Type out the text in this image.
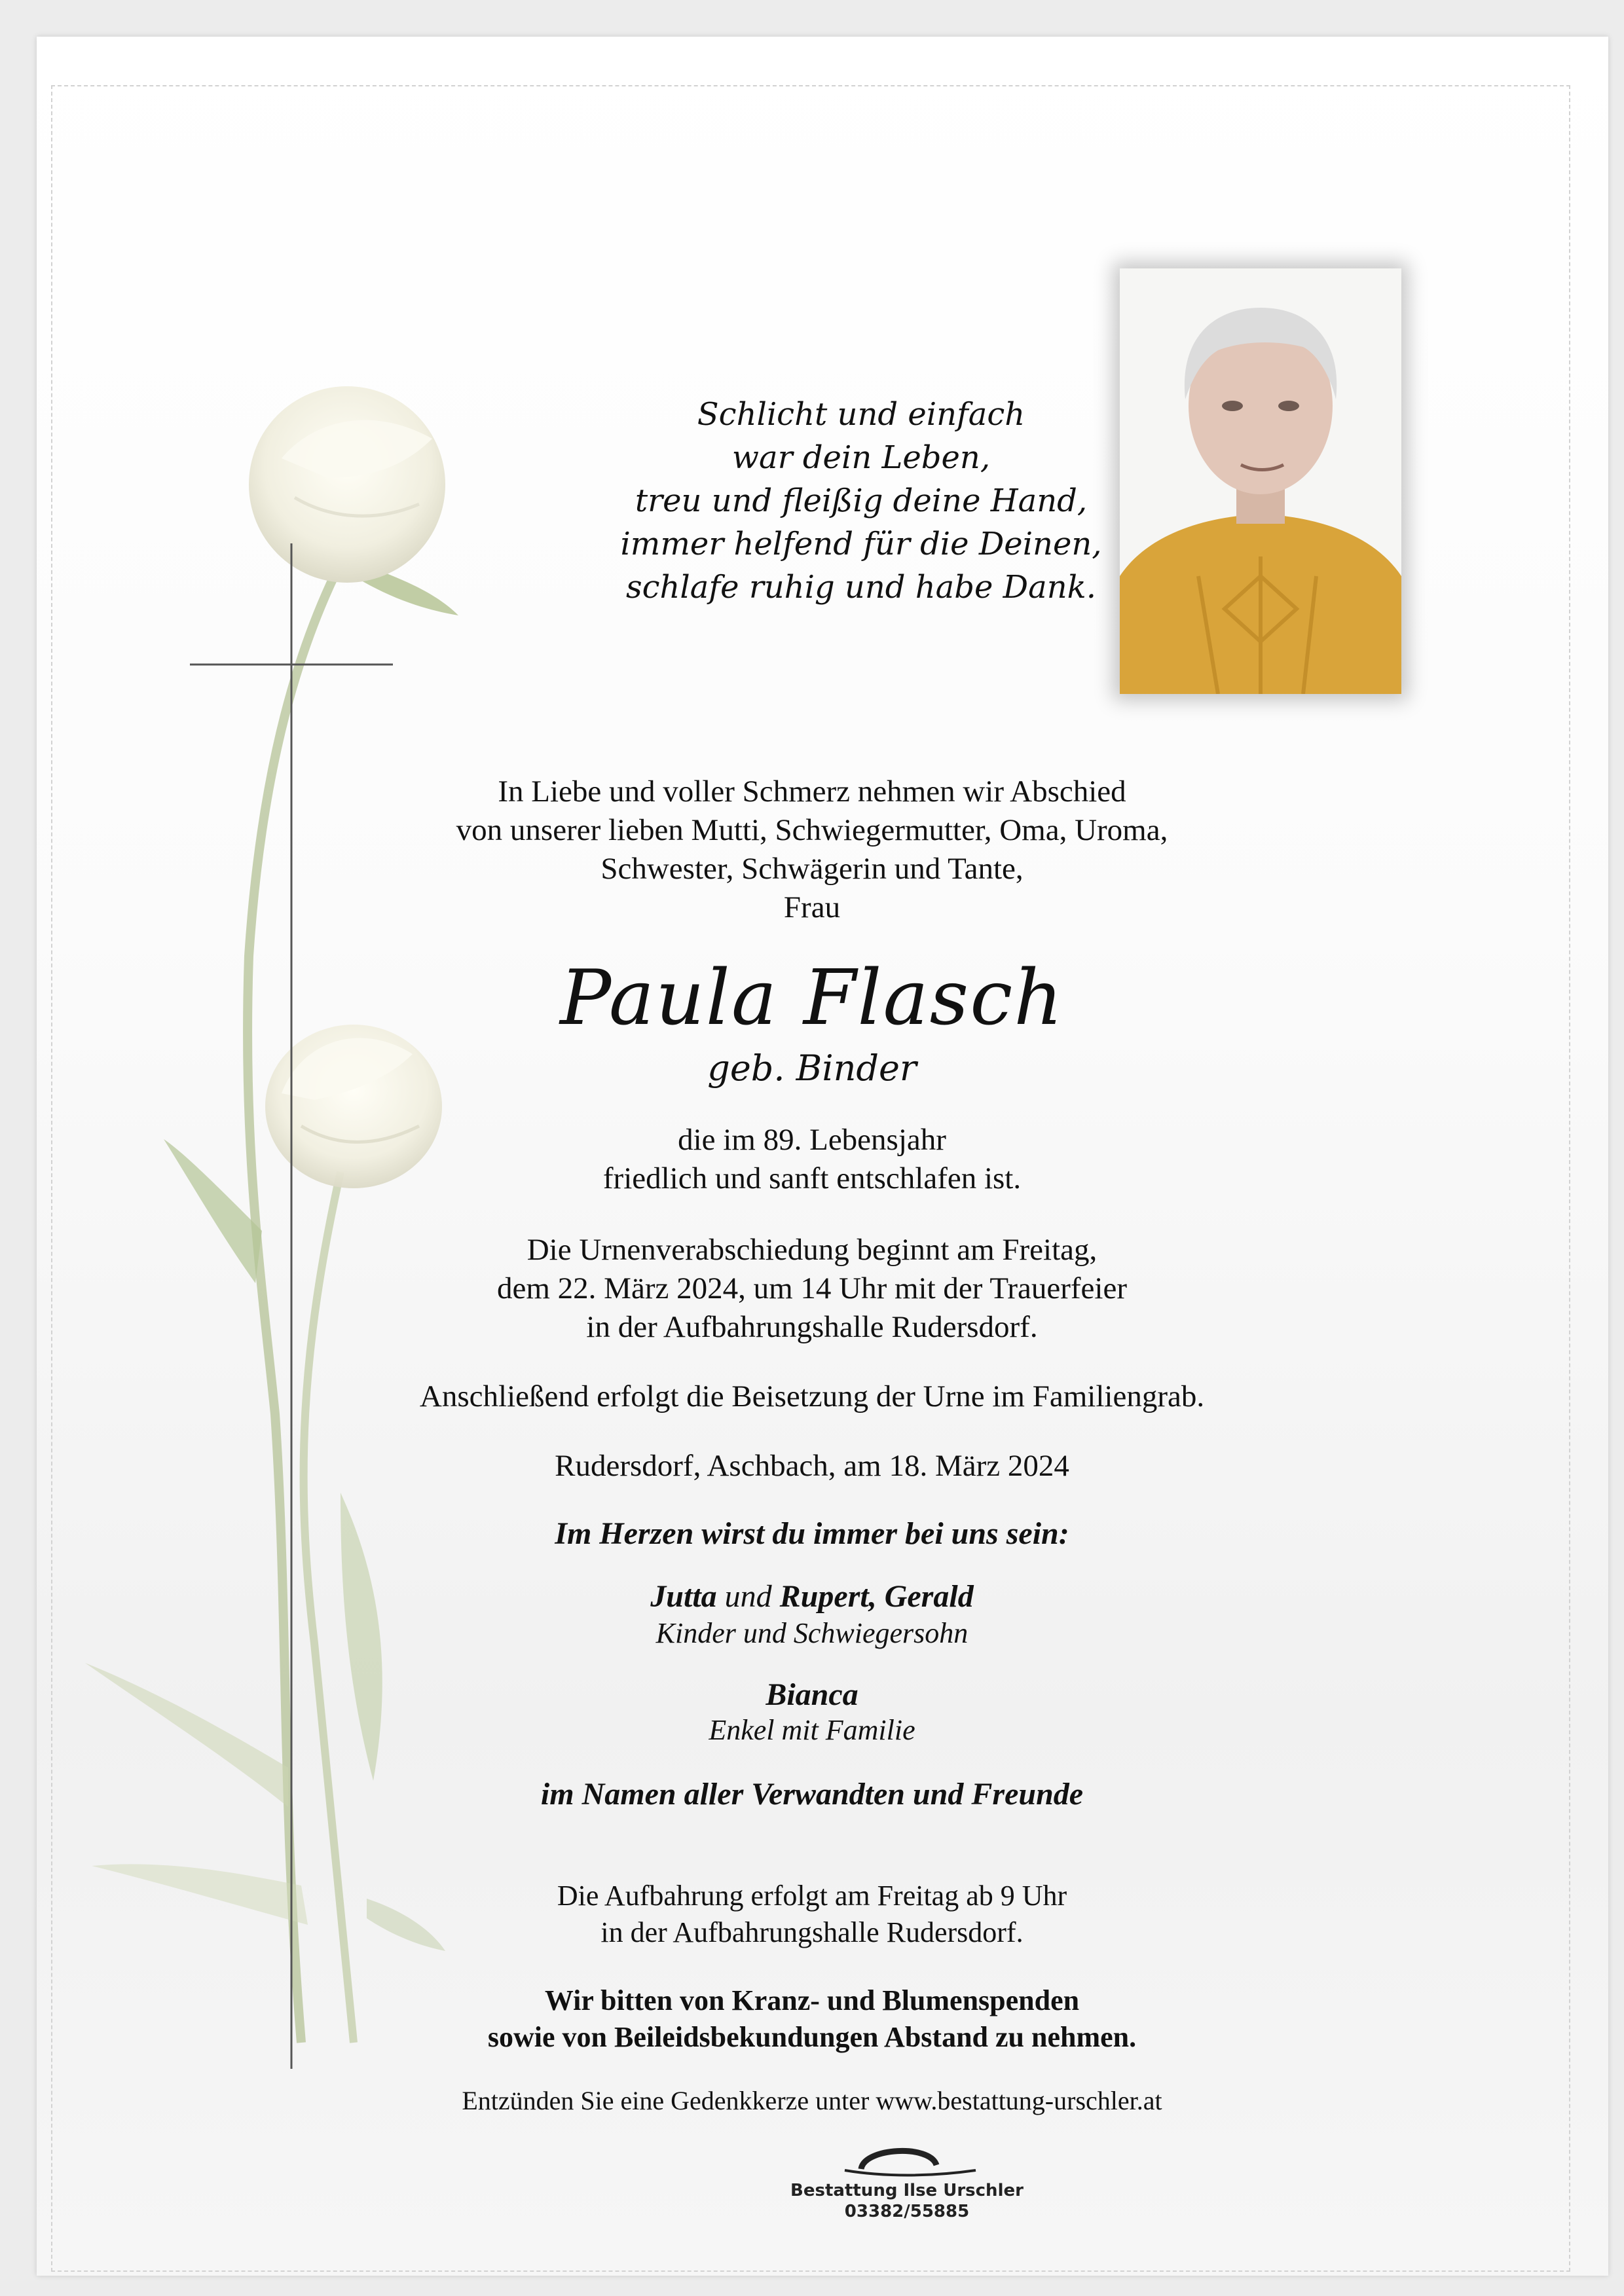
Schlicht und einfach
war dein Leben,
treu und fleißig deine Hand,
immer helfend für die Deinen,
schlafe ruhig und habe Dank.
In Liebe und voller Schmerz nehmen wir Abschied
von unserer lieben Mutti, Schwiegermutter, Oma, Uroma,
Schwester, Schwägerin und Tante,
Frau
Paula Flasch
geb. Binder
die im 89. Lebensjahr
friedlich und sanft entschlafen ist.
Die Urnenverabschiedung beginnt am Freitag,
dem 22. März 2024, um 14 Uhr mit der Trauerfeier
in der Aufbahrungshalle Rudersdorf.
Anschließend erfolgt die Beisetzung der Urne im Familiengrab.
Rudersdorf, Aschbach, am 18. März 2024
Im Herzen wirst du immer bei uns sein:
Jutta und Rupert, Gerald
Kinder und Schwiegersohn
Bianca
Enkel mit Familie
im Namen aller Verwandten und Freunde
Die Aufbahrung erfolgt am Freitag ab 9 Uhr
in der Aufbahrungshalle Rudersdorf.
Wir bitten von Kranz- und Blumenspenden
sowie von Beileidsbekundungen Abstand zu nehmen.
Entzünden Sie eine Gedenkkerze unter www.bestattung-urschler.at
Bestattung Ilse Urschler
03382/55885
